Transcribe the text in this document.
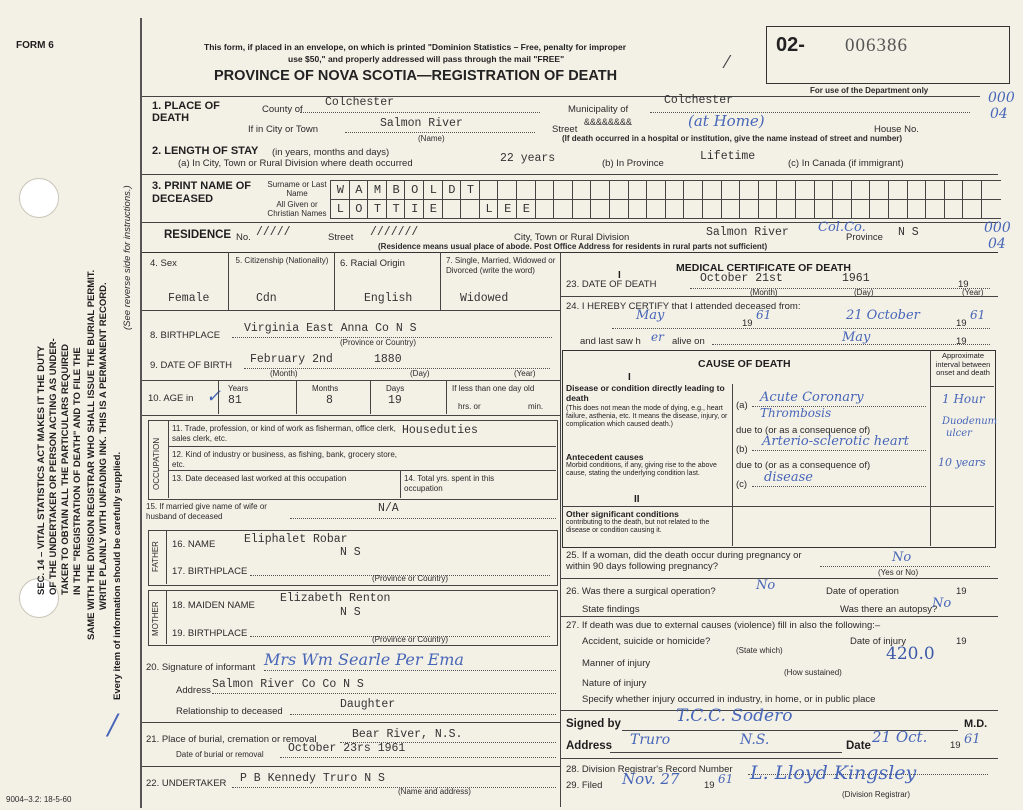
FORM 6
9004–3.2: 18-5-60
SEC. 14 – VITAL STATISTICS ACT MAKES IT THE DUTY OF THE UNDERTAKER OR PERSON ACTING AS UNDER- TAKER TO OBTAIN ALL THE PARTICULARS REQUIRED IN THE "REGISTRATION OF DEATH" AND TO FILE THE SAME WITH THE DIVISION REGISTRAR WHO SHALL ISSUE THE BURIAL PERMIT. WRITE PLAINLY WITH UNFADING INK. THIS IS A PERMANENT RECORD. Every item of information should be carefully supplied.
(See reverse side for instructions.)
This form, if placed in an envelope, on which is printed "Dominion Statistics – Free, penalty for improper
use $50," and properly addressed will pass through the mail "FREE"
PROVINCE OF NOVA SCOTIA—REGISTRATION OF DEATH
⁄
02- 006386
For use of the Department only	000
04
1. PLACE OF DEATH
County of
Colchester
Municipality of
Colchester
If in City or Town	Salmon River
(Name)
Street
&&&&&&&&	(at Home)	House No.
(If death occurred in a hospital or institution, give the name instead of street and number)
2. LENGTH OF STAY (in years, months and days)
(a) In City, Town or Rural Division where death occurred	22 years	(b) In Province
Lifetime
(c) In Canada (if immigrant)
3. PRINT NAME OF DECEASED
Surname or Last Name
All Given or Christian Names
W A M B O L D T
L O T T I E	L E E
RESIDENCE No. /////	Street ///////	City, Town or Rural Division	Salmon River Col.Co.
Province N S	000
04
(Residence means usual place of abode. Post Office Address for residents in rural parts not sufficient)
4. Sex	5. Citizenship (Nationality) 6. Racial Origin	7. Single, Married, Widowed or Divorced (write the word)
Female	Cdn	English	Widowed
8. BIRTHPLACE
Virginia East Anna Co N S
(Province or Country)
9. DATE OF BIRTH February 2nd	1880
(Month)	(Day)	(Year)
10. AGE in ✓ Years
81
Months
8
Days
19
If less than one day old
hrs. or	min.
OCCUPATION
11. Trade, profession, or kind of work as fisherman, office clerk, sales clerk, etc.
Houseduties
12. Kind of industry or business, as fishing, bank, grocery store, etc.
13. Date deceased last worked at this occupation	14. Total yrs. spent in this occupation
15. If married give name of wife or husband of deceased
N/A
FATHER 16. NAME Eliphalet Robar
N S
17. BIRTHPLACE
(Province or Country)
MOTHER 18. MAIDEN NAME
Elizabeth Renton
N S
19. BIRTHPLACE
(Province or Country)
20. Signature of informant Mrs Wm Searle Per Ema
Address Salmon River Co Co N S
Relationship to deceased
Daughter
21. Place of burial, cremation or removal	Bear River, N.S.
Date of burial or removal October 23rs 1961
22. UNDERTAKER P B Kennedy Truro N S
(Name and address)
MEDICAL CERTIFICATE OF DEATH
I
23. DATE OF DEATH	October 21st	1961	19
(Month)	(Day)	(Year)
24. I HEREBY CERTIFY that I attended deceased from:
May
19
61	21 October
19
61
and last saw h er alive on	May	19
CAUSE OF DEATH
Approximate interval between onset and death
I
Disease or condition directly leading to death
(This does not mean the mode of dying, e.g., heart failure, asthenia, etc. It means the disease, injury, or complication which caused death.)
(a)
Acute Coronary
Thrombosis
1 Hour
due to (or as a consequence of)
Antecedent causes
Morbid conditions, if any, giving rise to the above cause, stating the underlying condition last.
(b)
Arterio-sclerotic heart
Duodenum
ulcer
10 years
due to (or as a consequence of)
(c) disease
II
Other significant conditions
contributing to the death, but not related to the disease or condition causing it.
25. If a woman, did the death occur during pregnancy or within 90 days following pregnancy?
No
(Yes or No)
26. Was there a surgical operation?	No	Date of operation	19
State findings	Was there an autopsy?
No
27. If death was due to external causes (violence) fill in also the following:–
Accident, suicide or homicide?	Date of injury	19
(State which)
Manner of injury	420.0
(How sustained)
Nature of injury
Specify whether injury occurred in industry, in home, or in public place
Signed by	T.C.C. Sodero	M.D.
Address Truro	N.S.	Date 21 Oct. 19 61
28. Division Registrar's Record Number
29. Filed Nov. 27	19 61 L. Lloyd Kingsley
(Division Registrar)
/
